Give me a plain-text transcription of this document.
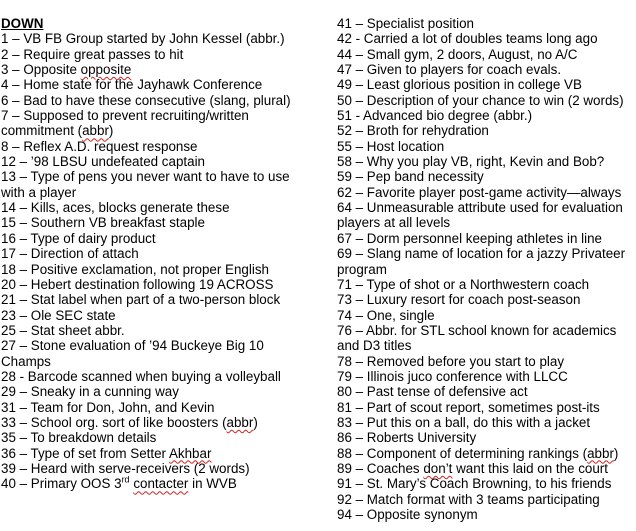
DOWN
1 – VB FB Group started by John Kessel (abbr.)
2 – Require great passes to hit
3 – Opposite opposite
4 – Home state for the Jayhawk Conference
6 – Bad to have these consecutive (slang, plural)
7 – Supposed to prevent recruiting/written commitment (abbr)
8 – Reflex A.D. request response
12 – ’98 LBSU undefeated captain
13 – Type of pens you never want to have to use with a player
14 – Kills, aces, blocks generate these
15 – Southern VB breakfast staple
16 – Type of dairy product
17 – Direction of attach
18 – Positive exclamation, not proper English
20 – Hebert destination following 19 ACROSS
21 – Stat label when part of a two-person block
23 – Ole SEC state
25 – Stat sheet abbr.
27 – Stone evaluation of ’94 Buckeye Big 10 Champs
28 - Barcode scanned when buying a volleyball
29 – Sneaky in a cunning way
31 – Team for Don, John, and Kevin
33 – School org. sort of like boosters (abbr)
35 – To breakdown details
36 – Type of set from Setter Akhbar
39 – Heard with serve-receivers (2 words)
40 – Primary OOS 3rd contacter in WVB
41 – Specialist position
42 - Carried a lot of doubles teams long ago
44 – Small gym, 2 doors, August, no A/C
47 – Given to players for coach evals.
49 – Least glorious position in college VB
50 – Description of your chance to win (2 words)
51 - Advanced bio degree (abbr.)
52 – Broth for rehydration
55 – Host location
58 – Why you play VB, right, Kevin and Bob?
59 – Pep band necessity
62 – Favorite player post-game activity—always
64 – Unmeasurable attribute used for evaluation players at all levels
67 – Dorm personnel keeping athletes in line
69 – Slang name of location for a jazzy Privateer program
71 – Type of shot or a Northwestern coach
73 – Luxury resort for coach post-season
74 – One, single
76 – Abbr. for STL school known for academics and D3 titles
78 – Removed before you start to play
79 – Illinois juco conference with LLCC
80 – Past tense of defensive act
81 – Part of scout report, sometimes post-its
83 – Put this on a ball, do this with a jacket
86 – Roberts University
88 – Component of determining rankings (abbr)
89 – Coaches don’t want this laid on the court
91 – St. Mary’s Coach Browning, to his friends
92 – Match format with 3 teams participating
94 – Opposite synonym
